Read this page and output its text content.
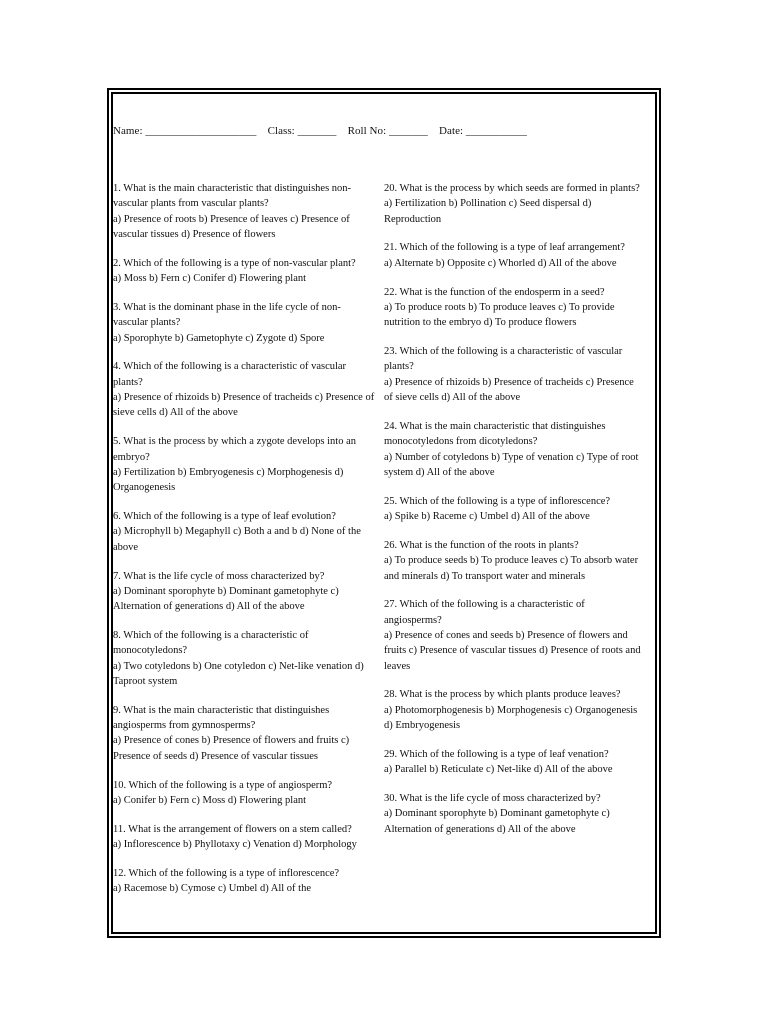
Name: ____________________    Class: _______    Roll No: _______    Date: ___________

1. What is the main characteristic that distinguishes non-vascular plants from vascular plants?

a) Presence of roots b) Presence of leaves c) Presence of vascular tissues d) Presence of flowers

2. Which of the following is a type of non-vascular plant?

a) Moss b) Fern c) Conifer d) Flowering plant

3. What is the dominant phase in the life cycle of non-vascular plants?

a) Sporophyte b) Gametophyte c) Zygote d) Spore

4. Which of the following is a characteristic of vascular plants?

a) Presence of rhizoids b) Presence of tracheids c) Presence of sieve cells d) All of the above

5. What is the process by which a zygote develops into an embryo?

a) Fertilization b) Embryogenesis c) Morphogenesis d) Organogenesis

6. Which of the following is a type of leaf evolution?

a) Microphyll b) Megaphyll c) Both a and b d) None of the above

7. What is the life cycle of moss characterized by?

a) Dominant sporophyte b) Dominant gametophyte c) Alternation of generations d) All of the above

8. Which of the following is a characteristic of monocotyledons?

a) Two cotyledons b) One cotyledon c) Net-like venation d) Taproot system

9. What is the main characteristic that distinguishes angiosperms from gymnosperms?

a) Presence of cones b) Presence of flowers and fruits c) Presence of seeds d) Presence of vascular tissues

10. Which of the following is a type of angiosperm?

a) Conifer b) Fern c) Moss d) Flowering plant

11. What is the arrangement of flowers on a stem called?

a) Inflorescence b) Phyllotaxy c) Venation d) Morphology

12. Which of the following is a type of inflorescence?

a) Racemose b) Cymose c) Umbel d) All of the

20. What is the process by which seeds are formed in plants?

a) Fertilization b) Pollination c) Seed dispersal d) Reproduction

21. Which of the following is a type of leaf arrangement?

a) Alternate b) Opposite c) Whorled d) All of the above

22. What is the function of the endosperm in a seed?

a) To produce roots b) To produce leaves c) To provide nutrition to the embryo d) To produce flowers

23. Which of the following is a characteristic of vascular plants?

a) Presence of rhizoids b) Presence of tracheids c) Presence of sieve cells d) All of the above

24. What is the main characteristic that distinguishes monocotyledons from dicotyledons?

a) Number of cotyledons b) Type of venation c) Type of root system d) All of the above

25. Which of the following is a type of inflorescence?

a) Spike b) Raceme c) Umbel d) All of the above

26. What is the function of the roots in plants?

a) To produce seeds b) To produce leaves c) To absorb water and minerals d) To transport water and minerals

27. Which of the following is a characteristic of angiosperms?

a) Presence of cones and seeds b) Presence of flowers and fruits c) Presence of vascular tissues d) Presence of roots and leaves

28. What is the process by which plants produce leaves?

a) Photomorphogenesis b) Morphogenesis c) Organogenesis d) Embryogenesis

29. Which of the following is a type of leaf venation?

a) Parallel b) Reticulate c) Net-like d) All of the above

30. What is the life cycle of moss characterized by?

a) Dominant sporophyte b) Dominant gametophyte c) Alternation of generations d) All of the above
